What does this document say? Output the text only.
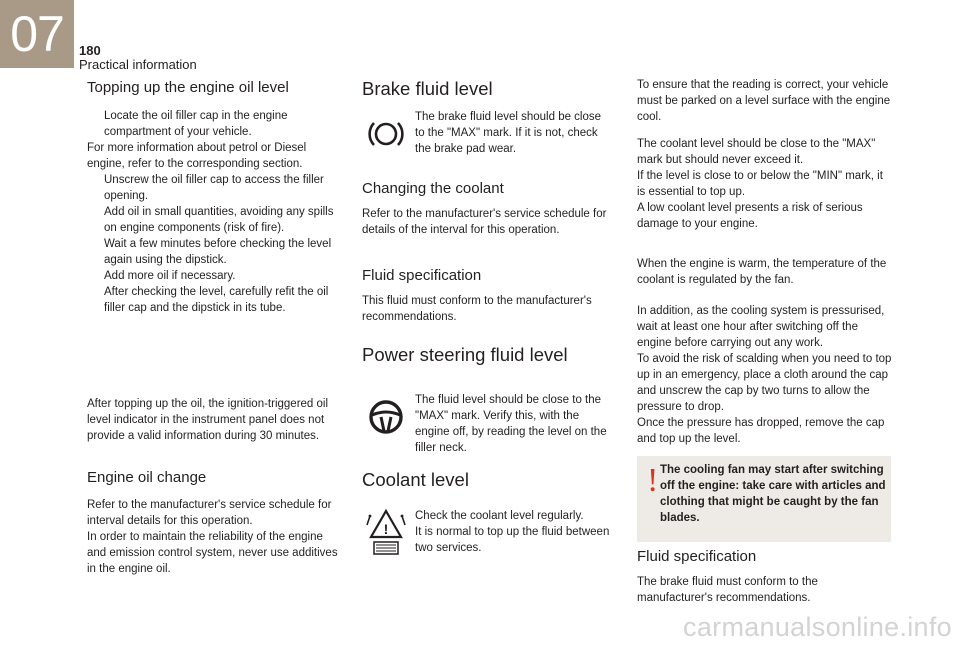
07	180
Practical information
Topping up the engine oil level
Locate the oil filler cap in the engine compartment of your vehicle.

For more information about petrol or Diesel engine, refer to the corresponding section.

Unscrew the oil filler cap to access the filler opening.
Add oil in small quantities, avoiding any spills on engine components (risk of fire).
Wait a few minutes before checking the level again using the dipstick.
Add more oil if necessary.
After checking the level, carefully refit the oil filler cap and the dipstick in its tube.

After topping up the oil, the ignition-triggered oil level indicator in the instrument panel does not provide a valid information during 30 minutes.

Engine oil change

Refer to the manufacturer's service schedule for interval details for this operation.

In order to maintain the reliability of the engine and emission control system, never use additives in the engine oil.

Brake fluid level

The brake fluid level should be close to the "MAX" mark. If it is not, check the brake pad wear.

Changing the coolant

Refer to the manufacturer's service schedule for details of the interval for this operation.

Fluid specification

This fluid must conform to the manufacturer's recommendations.

Power steering fluid level

The fluid level should be close to the "MAX" mark. Verify this, with the engine off, by reading the level on the filler neck.

Coolant level
!

Check the coolant level regularly.

It is normal to top up the fluid between two services.

To ensure that the reading is correct, your vehicle must be parked on a level surface with the engine cool.

The coolant level should be close to the "MAX" mark but should never exceed it.

If the level is close to or below the "MIN" mark, it is essential to top up.

A low coolant level presents a risk of serious damage to your engine.

When the engine is warm, the temperature of the coolant is regulated by the fan.

In addition, as the cooling system is pressurised, wait at least one hour after switching off the engine before carrying out any work.

To avoid the risk of scalding when you need to top up in an emergency, place a cloth around the cap and unscrew the cap by two turns to allow the pressure to drop.

Once the pressure has dropped, remove the cap and top up the level.

! The cooling fan may start after switching off the engine: take care with articles and clothing that might be caught by the fan blades.
Fluid specification

The brake fluid must conform to the manufacturer's recommendations.

carmanualsonline.info
